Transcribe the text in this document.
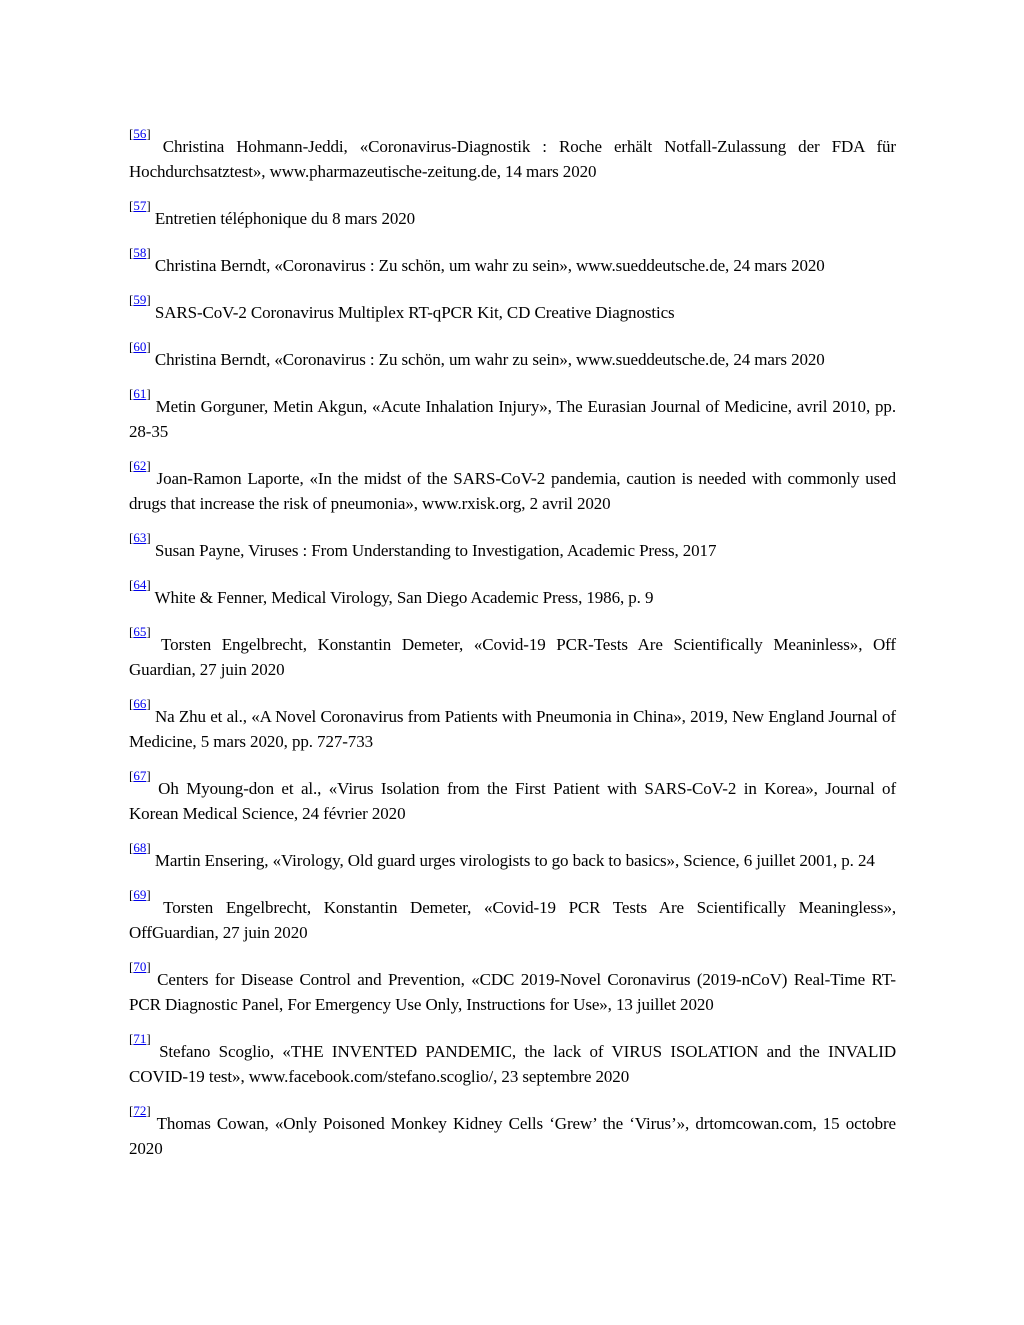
[56] Christina Hohmann-Jeddi, «Coronavirus-Diagnostik : Roche erhält Notfall-Zulassung der FDA für Hochdurchsatztest», www.pharmazeutische-zeitung.de, 14 mars 2020

[57] Entretien téléphonique du 8 mars 2020

[58] Christina Berndt, «Coronavirus : Zu schön, um wahr zu sein», www.sueddeutsche.de, 24 mars 2020

[59] SARS-CoV-2 Coronavirus Multiplex RT-qPCR Kit, CD Creative Diagnostics

[60] Christina Berndt, «Coronavirus : Zu schön, um wahr zu sein», www.sueddeutsche.de, 24 mars 2020

[61] Metin Gorguner, Metin Akgun, «Acute Inhalation Injury», The Eurasian Journal of Medicine, avril 2010, pp. 28-35

[62] Joan-Ramon Laporte, «In the midst of the SARS-CoV-2 pandemia, caution is needed with commonly used drugs that increase the risk of pneumonia», www.rxisk.org, 2 avril 2020

[63] Susan Payne, Viruses : From Understanding to Investigation, Academic Press, 2017

[64] White & Fenner, Medical Virology, San Diego Academic Press, 1986, p. 9

[65] Torsten Engelbrecht, Konstantin Demeter, «Covid-19 PCR-Tests Are Scientifically Meaninless», Off Guardian, 27 juin 2020

[66] Na Zhu et al., «A Novel Coronavirus from Patients with Pneumonia in China», 2019, New England Journal of Medicine, 5 mars 2020, pp. 727-733

[67] Oh Myoung-don et al., «Virus Isolation from the First Patient with SARS-CoV-2 in Korea», Journal of Korean Medical Science, 24 février 2020

[68] Martin Ensering, «Virology, Old guard urges virologists to go back to basics», Science, 6 juillet 2001, p. 24

[69] Torsten Engelbrecht, Konstantin Demeter, «Covid-19 PCR Tests Are Scientifically Meaningless», OffGuardian, 27 juin 2020

[70] Centers for Disease Control and Prevention, «CDC 2019-Novel Coronavirus (2019-nCoV) Real-Time RT-PCR Diagnostic Panel, For Emergency Use Only, Instructions for Use», 13 juillet 2020

[71] Stefano Scoglio, «THE INVENTED PANDEMIC, the lack of VIRUS ISOLATION and the INVALID COVID-19 test», www.facebook.com/stefano.scoglio/, 23 septembre 2020

[72] Thomas Cowan, «Only Poisoned Monkey Kidney Cells ‘Grew’ the ‘Virus’», drtomcowan.com, 15 octobre 2020
